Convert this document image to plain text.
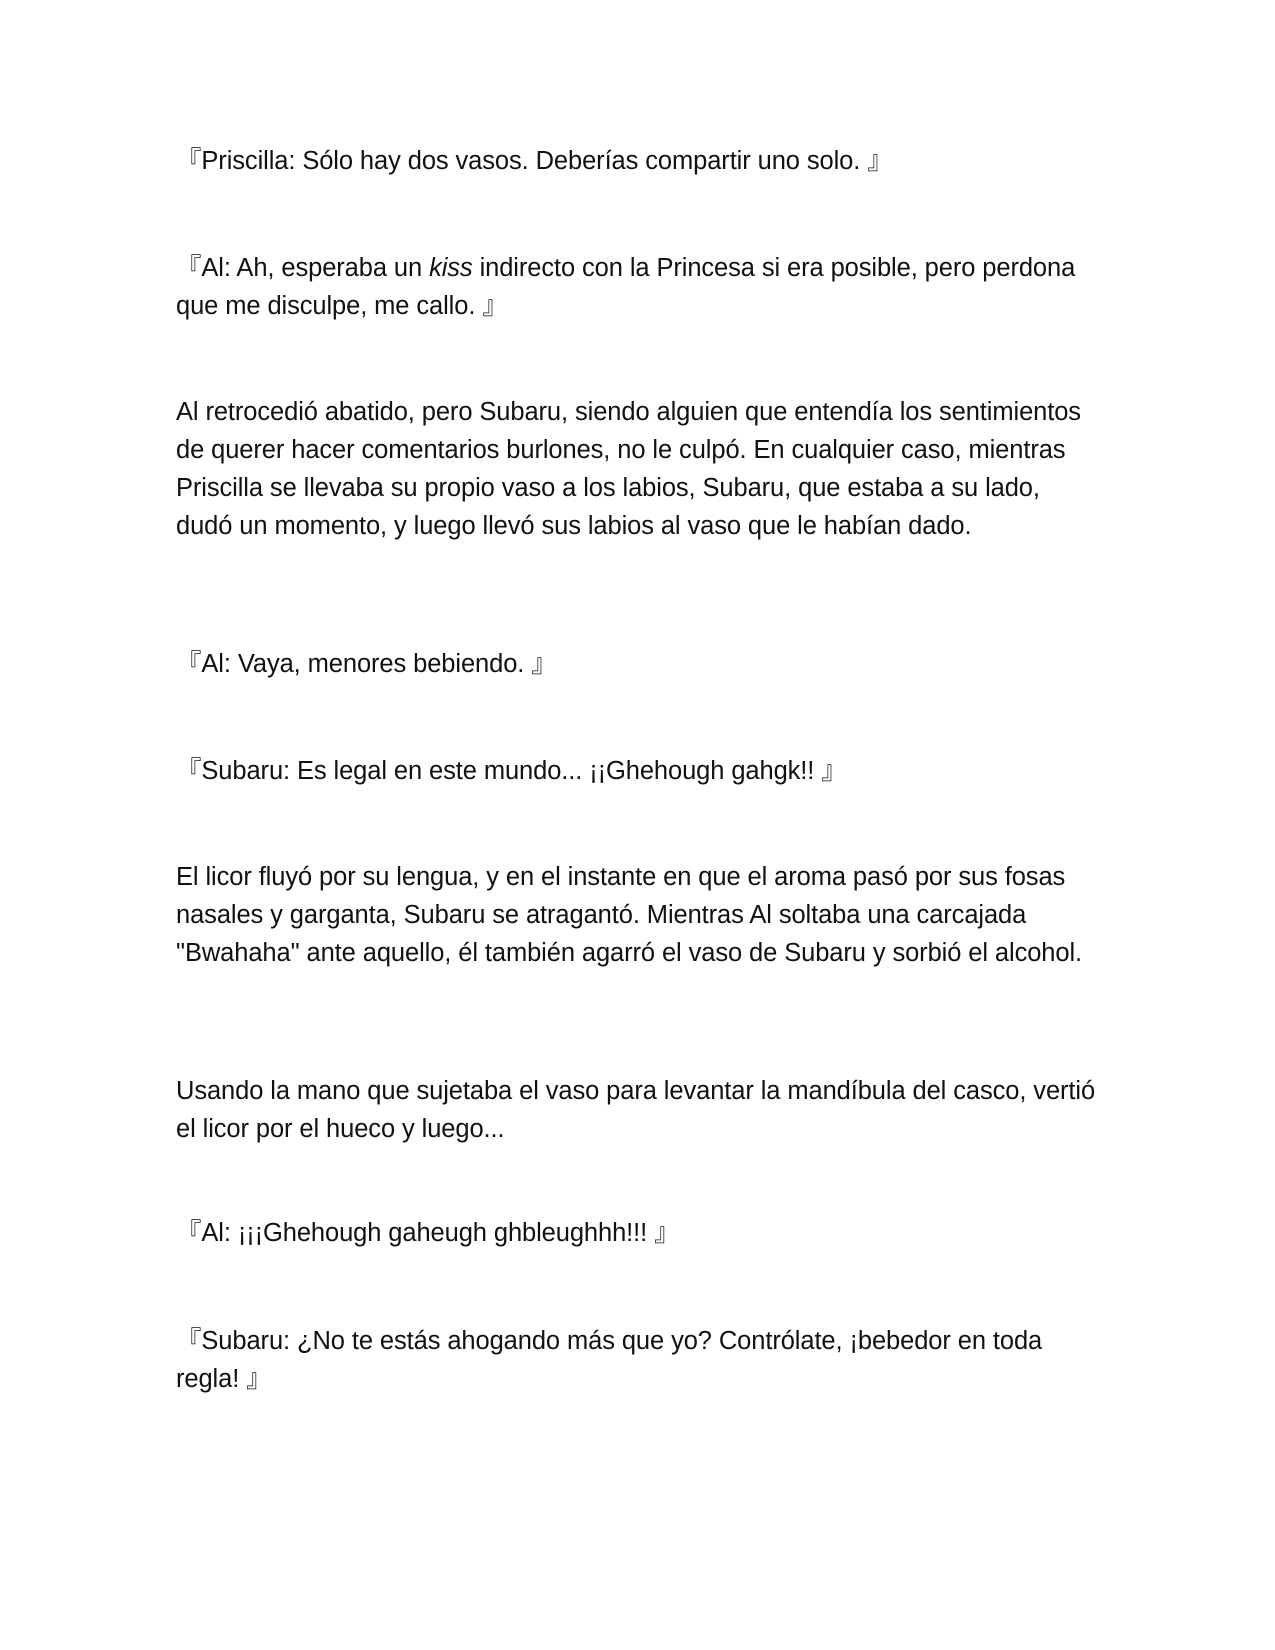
『Priscilla: Sólo hay dos vasos. Deberías compartir uno solo. 』

『Al: Ah, esperaba un kiss indirecto con la Princesa si era posible, pero perdona que me disculpe, me callo. 』

Al retrocedió abatido, pero Subaru, siendo alguien que entendía los sentimientos de querer hacer comentarios burlones, no le culpó. En cualquier caso, mientras Priscilla se llevaba su propio vaso a los labios, Subaru, que estaba a su lado, dudó un momento, y luego llevó sus labios al vaso que le habían dado.

『Al: Vaya, menores bebiendo. 』

『Subaru: Es legal en este mundo... ¡¡Ghehough gahgk!! 』

El licor fluyó por su lengua, y en el instante en que el aroma pasó por sus fosas nasales y garganta, Subaru se atragantó. Mientras Al soltaba una carcajada "Bwahaha" ante aquello, él también agarró el vaso de Subaru y sorbió el alcohol.

Usando la mano que sujetaba el vaso para levantar la mandíbula del casco, vertió el licor por el hueco y luego...

『Al: ¡¡¡Ghehough gaheugh ghbleughhh!!! 』

『Subaru: ¿No te estás ahogando más que yo? Contrólate, ¡bebedor en toda regla! 』
